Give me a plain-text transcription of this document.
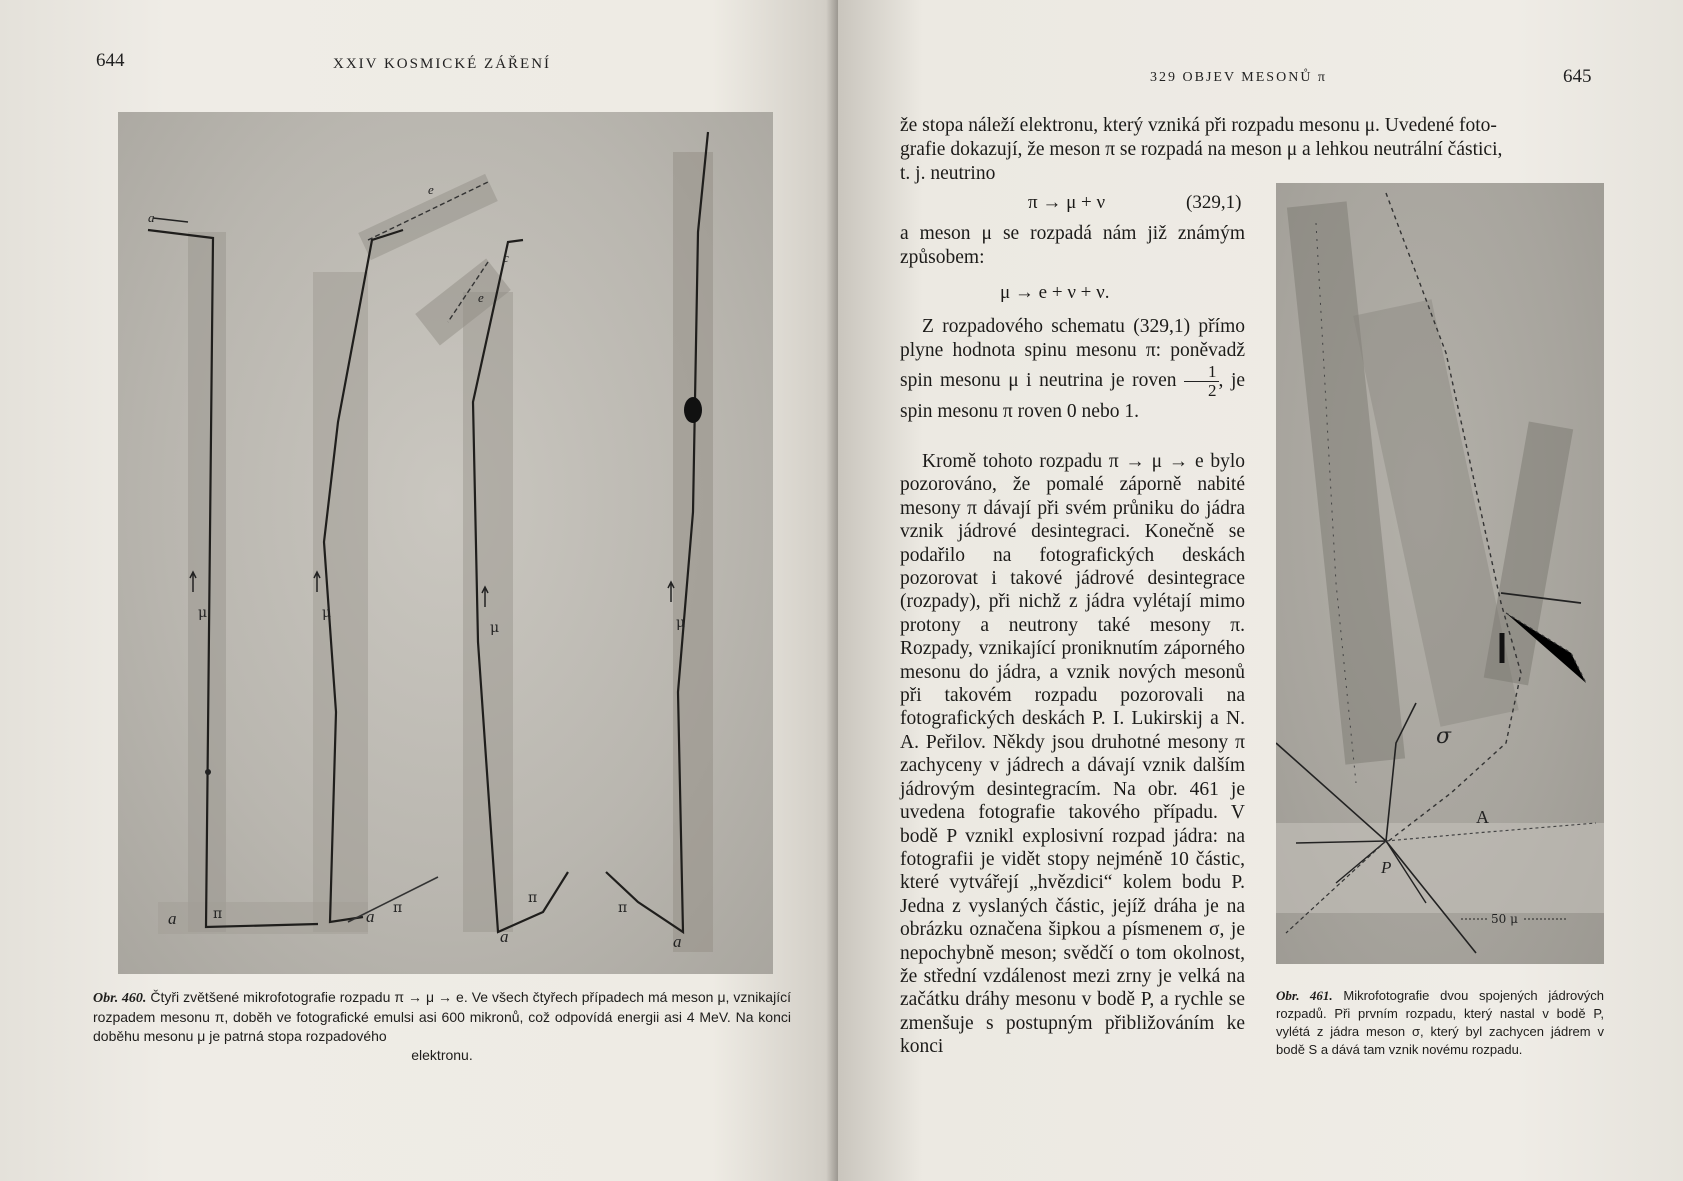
644	XXIV KOSMICKÉ ZÁŘENÍ
a
e
c
e
a	a
a	a
π	π
π
π
μ	μ
μ	μ
Obr. 460. Čtyři zvětšené mikrofotografie rozpadu π → μ → e. Ve všech čtyřech případech má meson μ, vznikající rozpadem mesonu π, doběh ve fotografické emulsi asi 600 mikronů, což odpovídá energii asi 4 MeV. Na konci doběhu mesonu μ je patrná stopa rozpadového
elektronu.
329 OBJEV MESONŮ π	645

že stopa náleží elektronu, který vzniká při rozpadu mesonu μ. Uvedené foto-

grafie dokazují, že meson π se rozpadá na meson μ a lehkou neutrální částici,

t. j. neutrino

π → μ + ν	(329,1)
a meson μ se rozpadá nám již známým způsobem:
μ → e + ν + ν.
Z rozpadového schematu (329,1) přímo plyne hodnota spinu mesonu π: poněvadž spin mesonu μ i neutrina je roven $\frac{1}{2}$ , je spin mesonu π roven 0 nebo 1.
Kromě tohoto rozpadu π → μ → e bylo pozorováno, že pomalé záporně nabité mesony π dávají při svém průniku do jádra vznik jádrové desintegraci. Konečně se podařilo na fotografických deskách pozorovat i takové jádrové desintegrace (rozpady), při nichž z jádra vylétají mimo protony a neutrony také mesony π. Rozpady, vznikající proniknutím záporného mesonu do jádra, a vznik nových mesonů při takovém rozpadu pozorovali na fotografických deskách P. I. Lukirskij a N. A. Peřilov. Někdy jsou druhotné mesony π zachyceny v jádrech a dávají vznik dalším jádrovým desintegracím. Na obr. 461 je uvedena fotografie takového případu. V bodě P vznikl explosivní rozpad jádra: na fotografii je vidět stopy nejméně 10 částic, které vytvářejí „hvězdici“ kolem bodu P. Jedna z vyslaných částic, jejíž dráha je na obrázku označena šipkou a písmenem σ, je nepochybně meson; svědčí o tom okolnost, že střední vzdálenost mezi zrny je velká na začátku dráhy mesonu v bodě P, a rychle se zmenšuje s postupným přibližováním ke konci
σ
A
P
50 μ
Obr. 461. Mikrofotografie dvou spojených jádrových rozpadů. Při prvním rozpadu, který nastal v bodě P, vylétá z jádra meson σ, který byl zachycen jádrem v bodě S a dává tam vznik novému rozpadu.
